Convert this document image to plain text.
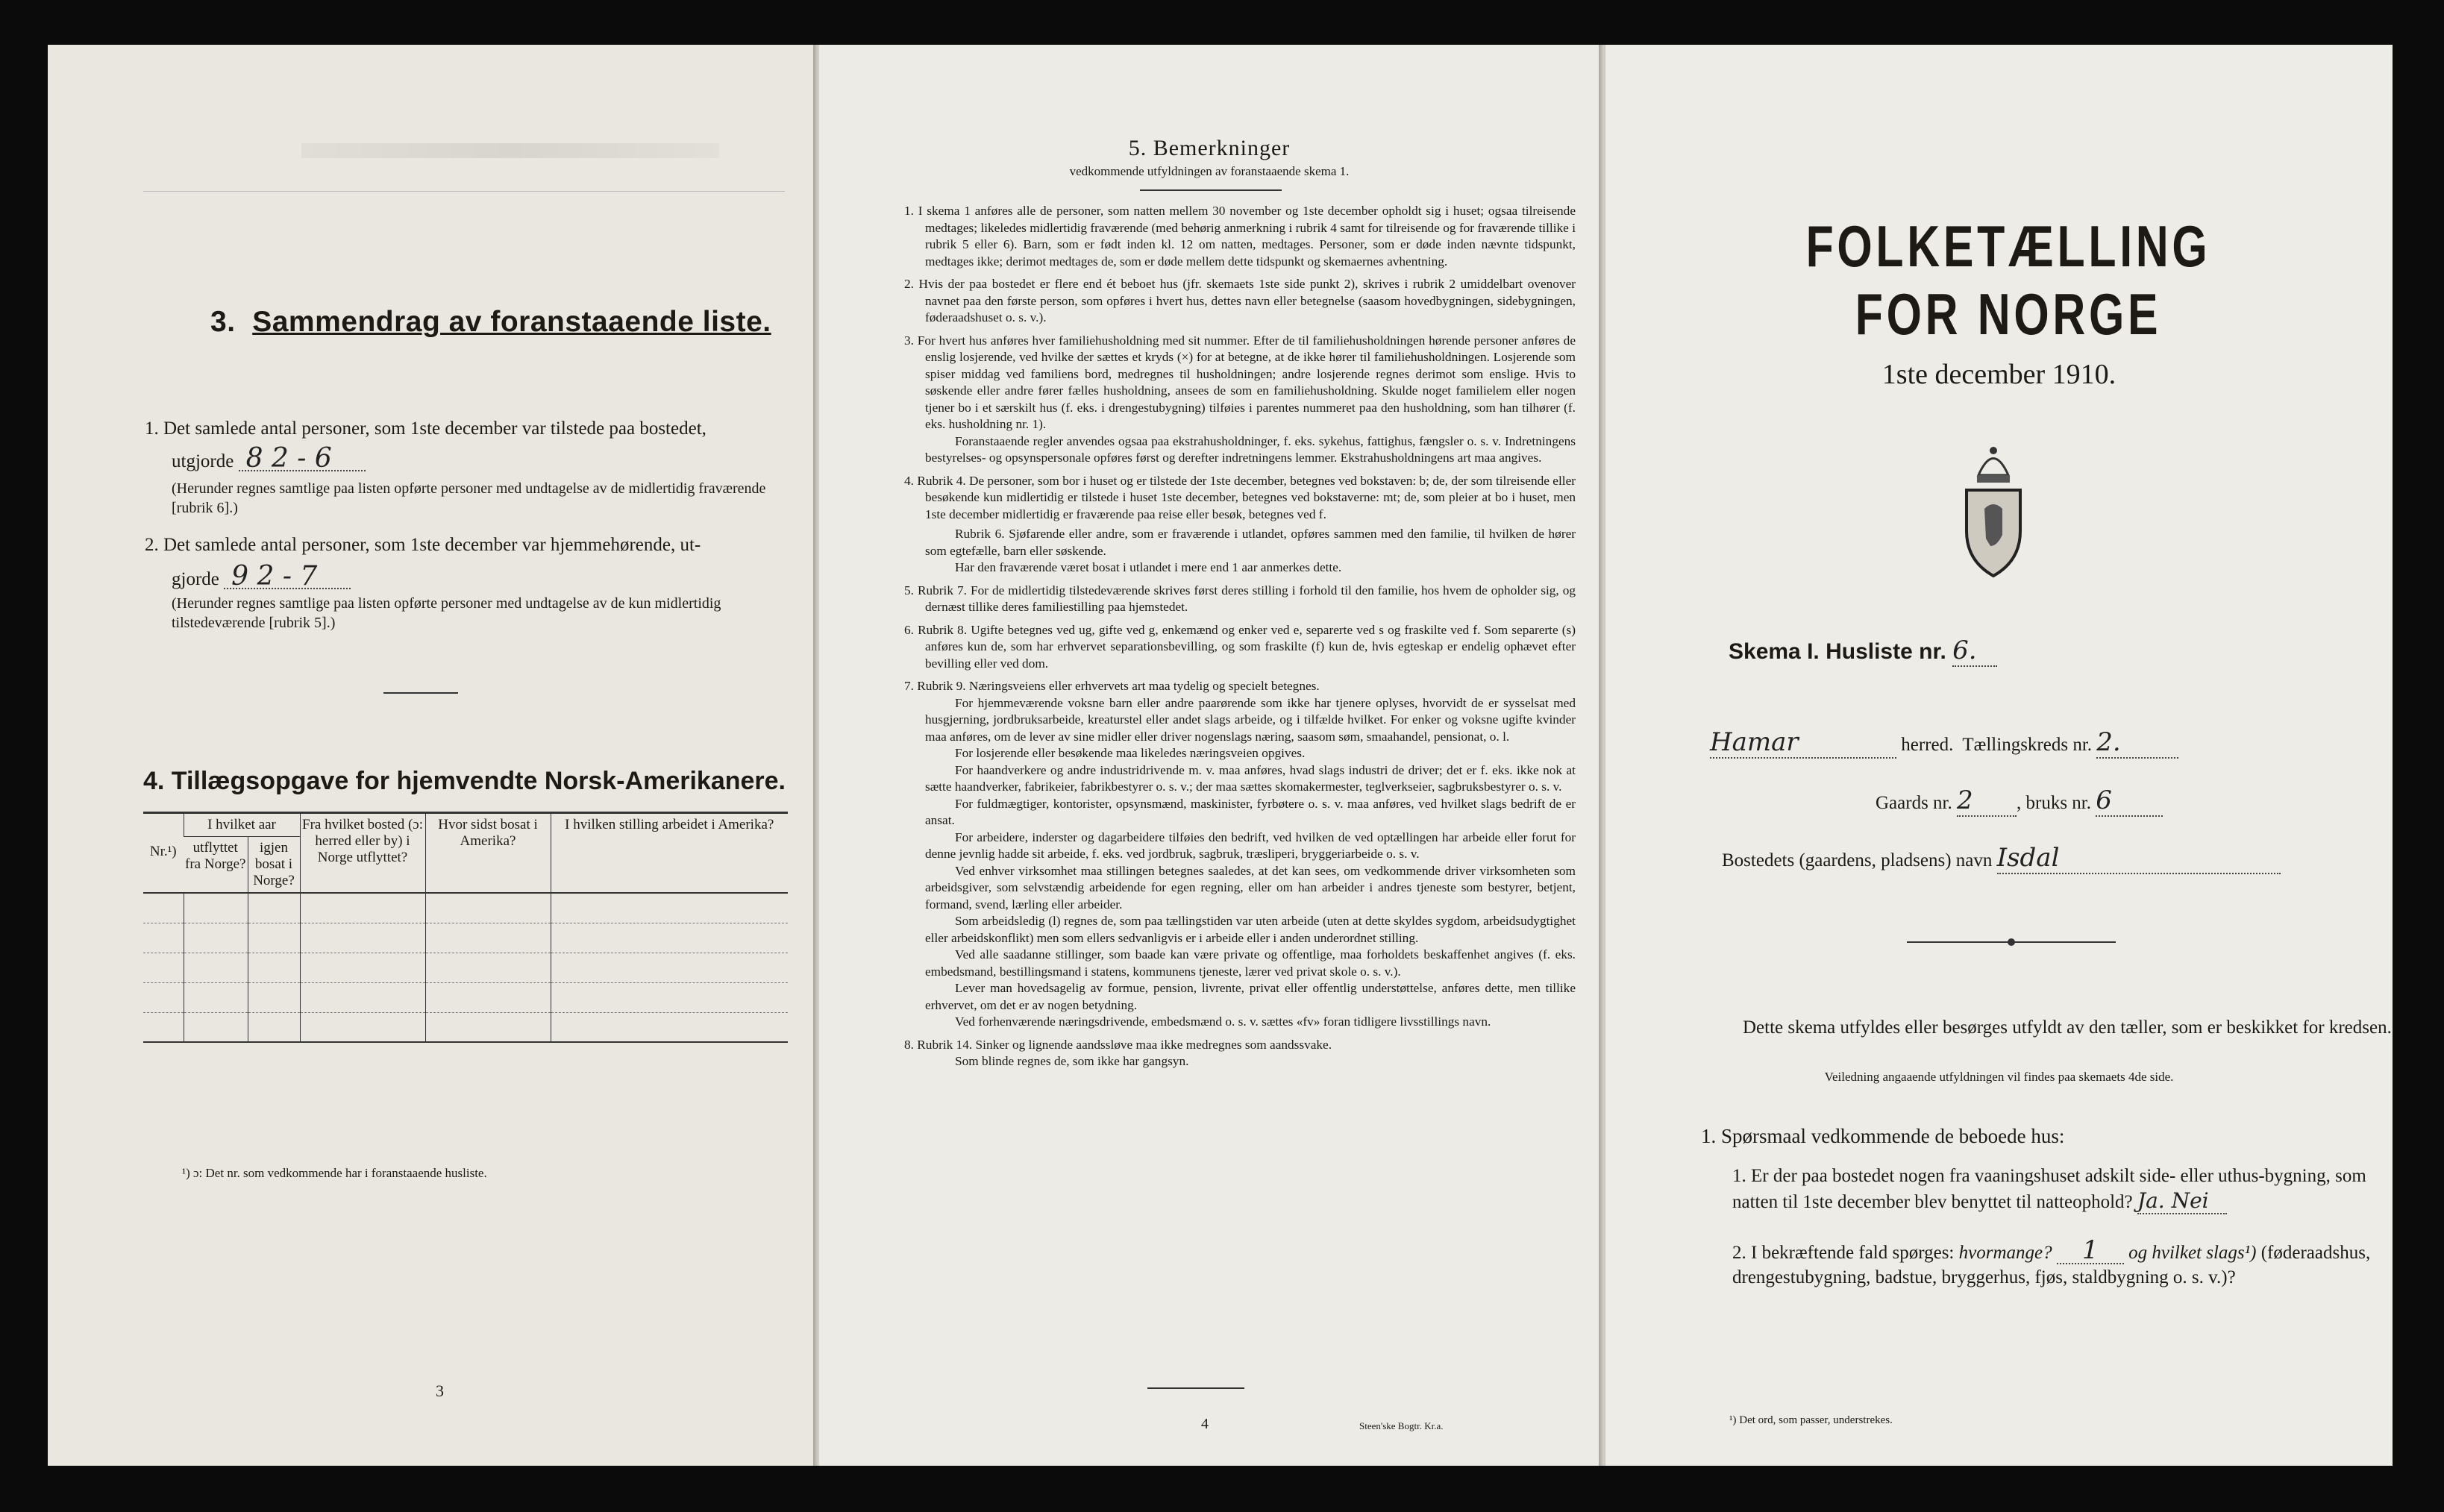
3. Sammendrag av foranstaaende liste.
1. Det samlede antal personer, som 1ste december var tilstede paa bostedet,
utgjorde 8 2 - 6
(Herunder regnes samtlige paa listen opførte personer med undtagelse av de midlertidig fraværende [rubrik 6].)
2. Det samlede antal personer, som 1ste december var hjemmehørende, ut-
gjorde 9 2 - 7
(Herunder regnes samtlige paa listen opførte personer med undtagelse av de kun midlertidig tilstedeværende [rubrik 5].)
4. Tillægsopgave for hjemvendte Norsk-Amerikanere.
Nr.¹)	I hvilket aar		Fra hvilket bosted (ɔ: herred eller by) i Norge utflyttet?	Hvor sidst bosat i Amerika?	I hvilken stilling arbeidet i Amerika?
	utflyttet fra Norge?	igjen bosat i Norge?			

¹) ɔ: Det nr. som vedkommende har i foranstaaende husliste.
3
5. Bemerkninger
vedkommende utfyldningen av foranstaaende skema 1.

1. I skema 1 anføres alle de personer, som natten mellem 30 november og 1ste december opholdt sig i huset; ogsaa tilreisende medtages; likeledes midlertidig fraværende (med behørig anmerkning i rubrik 4 samt for tilreisende og for fraværende tillike i rubrik 5 eller 6). Barn, som er født inden kl. 12 om natten, medtages. Personer, som er døde inden nævnte tidspunkt, medtages ikke; derimot medtages de, som er døde mellem dette tidspunkt og skemaernes avhentning.

2. Hvis der paa bostedet er flere end ét beboet hus (jfr. skemaets 1ste side punkt 2), skrives i rubrik 2 umiddelbart ovenover navnet paa den første person, som opføres i hvert hus, dettes navn eller betegnelse (saasom hovedbygningen, sidebygningen, føderaadshuset o. s. v.).

3. For hvert hus anføres hver familiehusholdning med sit nummer. Efter de til familiehusholdningen hørende personer anføres de enslig losjerende, ved hvilke der sættes et kryds (×) for at betegne, at de ikke hører til familiehusholdningen. Losjerende som spiser middag ved familiens bord, medregnes til husholdningen; andre losjerende regnes derimot som enslige. Hvis to søskende eller andre fører fælles husholdning, ansees de som en familiehusholdning. Skulde noget familielem eller nogen tjener bo i et særskilt hus (f. eks. i drengestubygning) tilføies i parentes nummeret paa den husholdning, som han tilhører (f. eks. husholdning nr. 1).

Foranstaaende regler anvendes ogsaa paa ekstrahusholdninger, f. eks. sykehus, fattighus, fængsler o. s. v. Indretningens bestyrelses- og opsynspersonale opføres først og derefter indretningens lemmer. Ekstrahusholdningens art maa angives.

4. Rubrik 4. De personer, som bor i huset og er tilstede der 1ste december, betegnes ved bokstaven: b; de, der som tilreisende eller besøkende kun midlertidig er tilstede i huset 1ste december, betegnes ved bokstaverne: mt; de, som pleier at bo i huset, men 1ste december midlertidig er fraværende paa reise eller besøk, betegnes ved f.

Rubrik 6. Sjøfarende eller andre, som er fraværende i utlandet, opføres sammen med den familie, til hvilken de hører som egtefælle, barn eller søskende.

Har den fraværende været bosat i utlandet i mere end 1 aar anmerkes dette.

5. Rubrik 7. For de midlertidig tilstedeværende skrives først deres stilling i forhold til den familie, hos hvem de opholder sig, og dernæst tillike deres familiestilling paa hjemstedet.

6. Rubrik 8. Ugifte betegnes ved ug, gifte ved g, enkemænd og enker ved e, separerte ved s og fraskilte ved f. Som separerte (s) anføres kun de, som har erhvervet separationsbevilling, og som fraskilte (f) kun de, hvis egteskap er endelig ophævet efter bevilling eller ved dom.

7. Rubrik 9. Næringsveiens eller erhvervets art maa tydelig og specielt betegnes.

For hjemmeværende voksne barn eller andre paarørende som ikke har tjenere oplyses, hvorvidt de er sysselsat med husgjerning, jordbruksarbeide, kreaturstel eller andet slags arbeide, og i tilfælde hvilket. For enker og voksne ugifte kvinder maa anføres, om de lever av sine midler eller driver nogenslags næring, saasom søm, smaahandel, pensionat, o. l.

For losjerende eller besøkende maa likeledes næringsveien opgives.

For haandverkere og andre industridrivende m. v. maa anføres, hvad slags industri de driver; det er f. eks. ikke nok at sætte haandverker, fabrikeier, fabrikbestyrer o. s. v.; der maa sættes skomakermester, teglverkseier, sagbruksbestyrer o. s. v.

For fuldmægtiger, kontorister, opsynsmænd, maskinister, fyrbøtere o. s. v. maa anføres, ved hvilket slags bedrift de er ansat.

For arbeidere, inderster og dagarbeidere tilføies den bedrift, ved hvilken de ved optællingen har arbeide eller forut for denne jevnlig hadde sit arbeide, f. eks. ved jordbruk, sagbruk, træsliperi, bryggeriarbeide o. s. v.

Ved enhver virksomhet maa stillingen betegnes saaledes, at det kan sees, om vedkommende driver virksomheten som arbeidsgiver, som selvstændig arbeidende for egen regning, eller om han arbeider i andres tjeneste som bestyrer, betjent, formand, svend, lærling eller arbeider.

Som arbeidsledig (l) regnes de, som paa tællingstiden var uten arbeide (uten at dette skyldes sygdom, arbeidsudygtighet eller arbeidskonflikt) men som ellers sedvanligvis er i arbeide eller i anden underordnet stilling.

Ved alle saadanne stillinger, som baade kan være private og offentlige, maa forholdets beskaffenhet angives (f. eks. embedsmand, bestillingsmand i statens, kommunens tjeneste, lærer ved privat skole o. s. v.).

Lever man hovedsagelig av formue, pension, livrente, privat eller offentlig understøttelse, anføres dette, men tillike erhvervet, om det er av nogen betydning.

Ved forhenværende næringsdrivende, embedsmænd o. s. v. sættes «fv» foran tidligere livsstillings navn.

8. Rubrik 14. Sinker og lignende aandssløve maa ikke medregnes som aandssvake.

Som blinde regnes de, som ikke har gangsyn.

4	Steen'ske Bogtr. Kr.a.
FOLKETÆLLING FOR NORGE
1ste december 1910.
Skema I. Husliste nr. 6.
Hamar	herred. Tællingskreds nr. 2.
Gaards nr. 2 , bruks nr. 6
Bostedets (gaardens, pladsens) navn Isdal
Dette skema utfyldes eller besørges utfyldt av den tæller, som er beskikket for kredsen.
Veiledning angaaende utfyldningen vil findes paa skemaets 4de side.
1. Spørsmaal vedkommende de beboede hus:
1. Er der paa bostedet nogen fra vaaningshuset adskilt side- eller uthus-bygning, som natten til 1ste december blev benyttet til natteophold? Ja. Nei
2. I bekræftende fald spørges: hvormange? 1 og hvilket slags¹) (føderaadshus, drengestubygning, badstue, bryggerhus, fjøs, staldbygning o. s. v.)?
¹) Det ord, som passer, understrekes.
